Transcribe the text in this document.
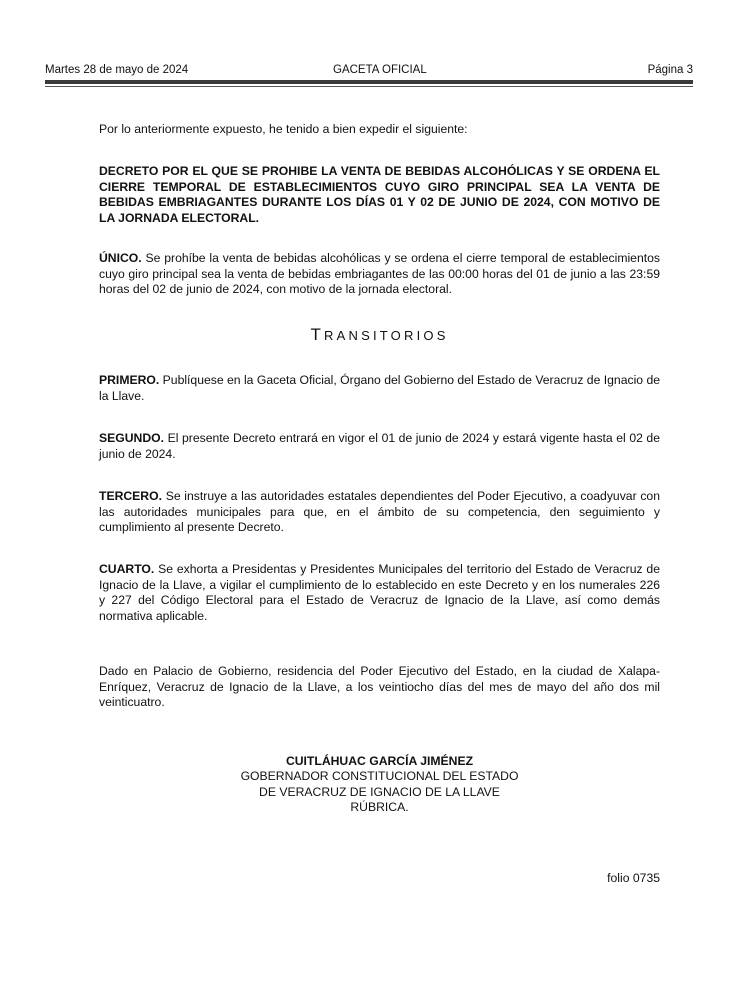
Martes 28 de mayo de 2024	GACETA OFICIAL	Página 3
Por lo anteriormente expuesto, he tenido a bien expedir el siguiente:
DECRETO POR EL QUE SE PROHIBE LA VENTA DE BEBIDAS ALCOHÓLICAS Y SE ORDENA EL CIERRE TEMPORAL DE ESTABLECIMIENTOS CUYO GIRO PRINCIPAL SEA LA VENTA DE BEBIDAS EMBRIAGANTES DURANTE LOS DÍAS 01 Y 02 DE JUNIO DE 2024, CON MOTIVO DE LA JORNADA ELECTORAL.
ÚNICO. Se prohíbe la venta de bebidas alcohólicas y se ordena el cierre temporal de establecimientos cuyo giro principal sea la venta de bebidas embriagantes de las 00:00 horas del 01 de junio a las 23:59 horas del 02 de junio de 2024, con motivo de la jornada electoral.
TRANSITORIOS
PRIMERO. Publíquese en la Gaceta Oficial, Órgano del Gobierno del Estado de Veracruz de Ignacio de la Llave.
SEGUNDO. El presente Decreto entrará en vigor el 01 de junio de 2024 y estará vigente hasta el 02 de junio de 2024.
TERCERO. Se instruye a las autoridades estatales dependientes del Poder Ejecutivo, a coadyuvar con las autoridades municipales para que, en el ámbito de su competencia, den seguimiento y cumplimiento al presente Decreto.
CUARTO. Se exhorta a Presidentas y Presidentes Municipales del territorio del Estado de Veracruz de Ignacio de la Llave, a vigilar el cumplimiento de lo establecido en este Decreto y en los numerales 226 y 227 del Código Electoral para el Estado de Veracruz de Ignacio de la Llave, así como demás normativa aplicable.
Dado en Palacio de Gobierno, residencia del Poder Ejecutivo del Estado, en la ciudad de Xalapa-Enríquez, Veracruz de Ignacio de la Llave, a los veintiocho días del mes de mayo del año dos mil veinticuatro.
CUITLÁHUAC GARCÍA JIMÉNEZ
GOBERNADOR CONSTITUCIONAL DEL ESTADO
DE VERACRUZ DE IGNACIO DE LA LLAVE
RÚBRICA.
folio 0735
